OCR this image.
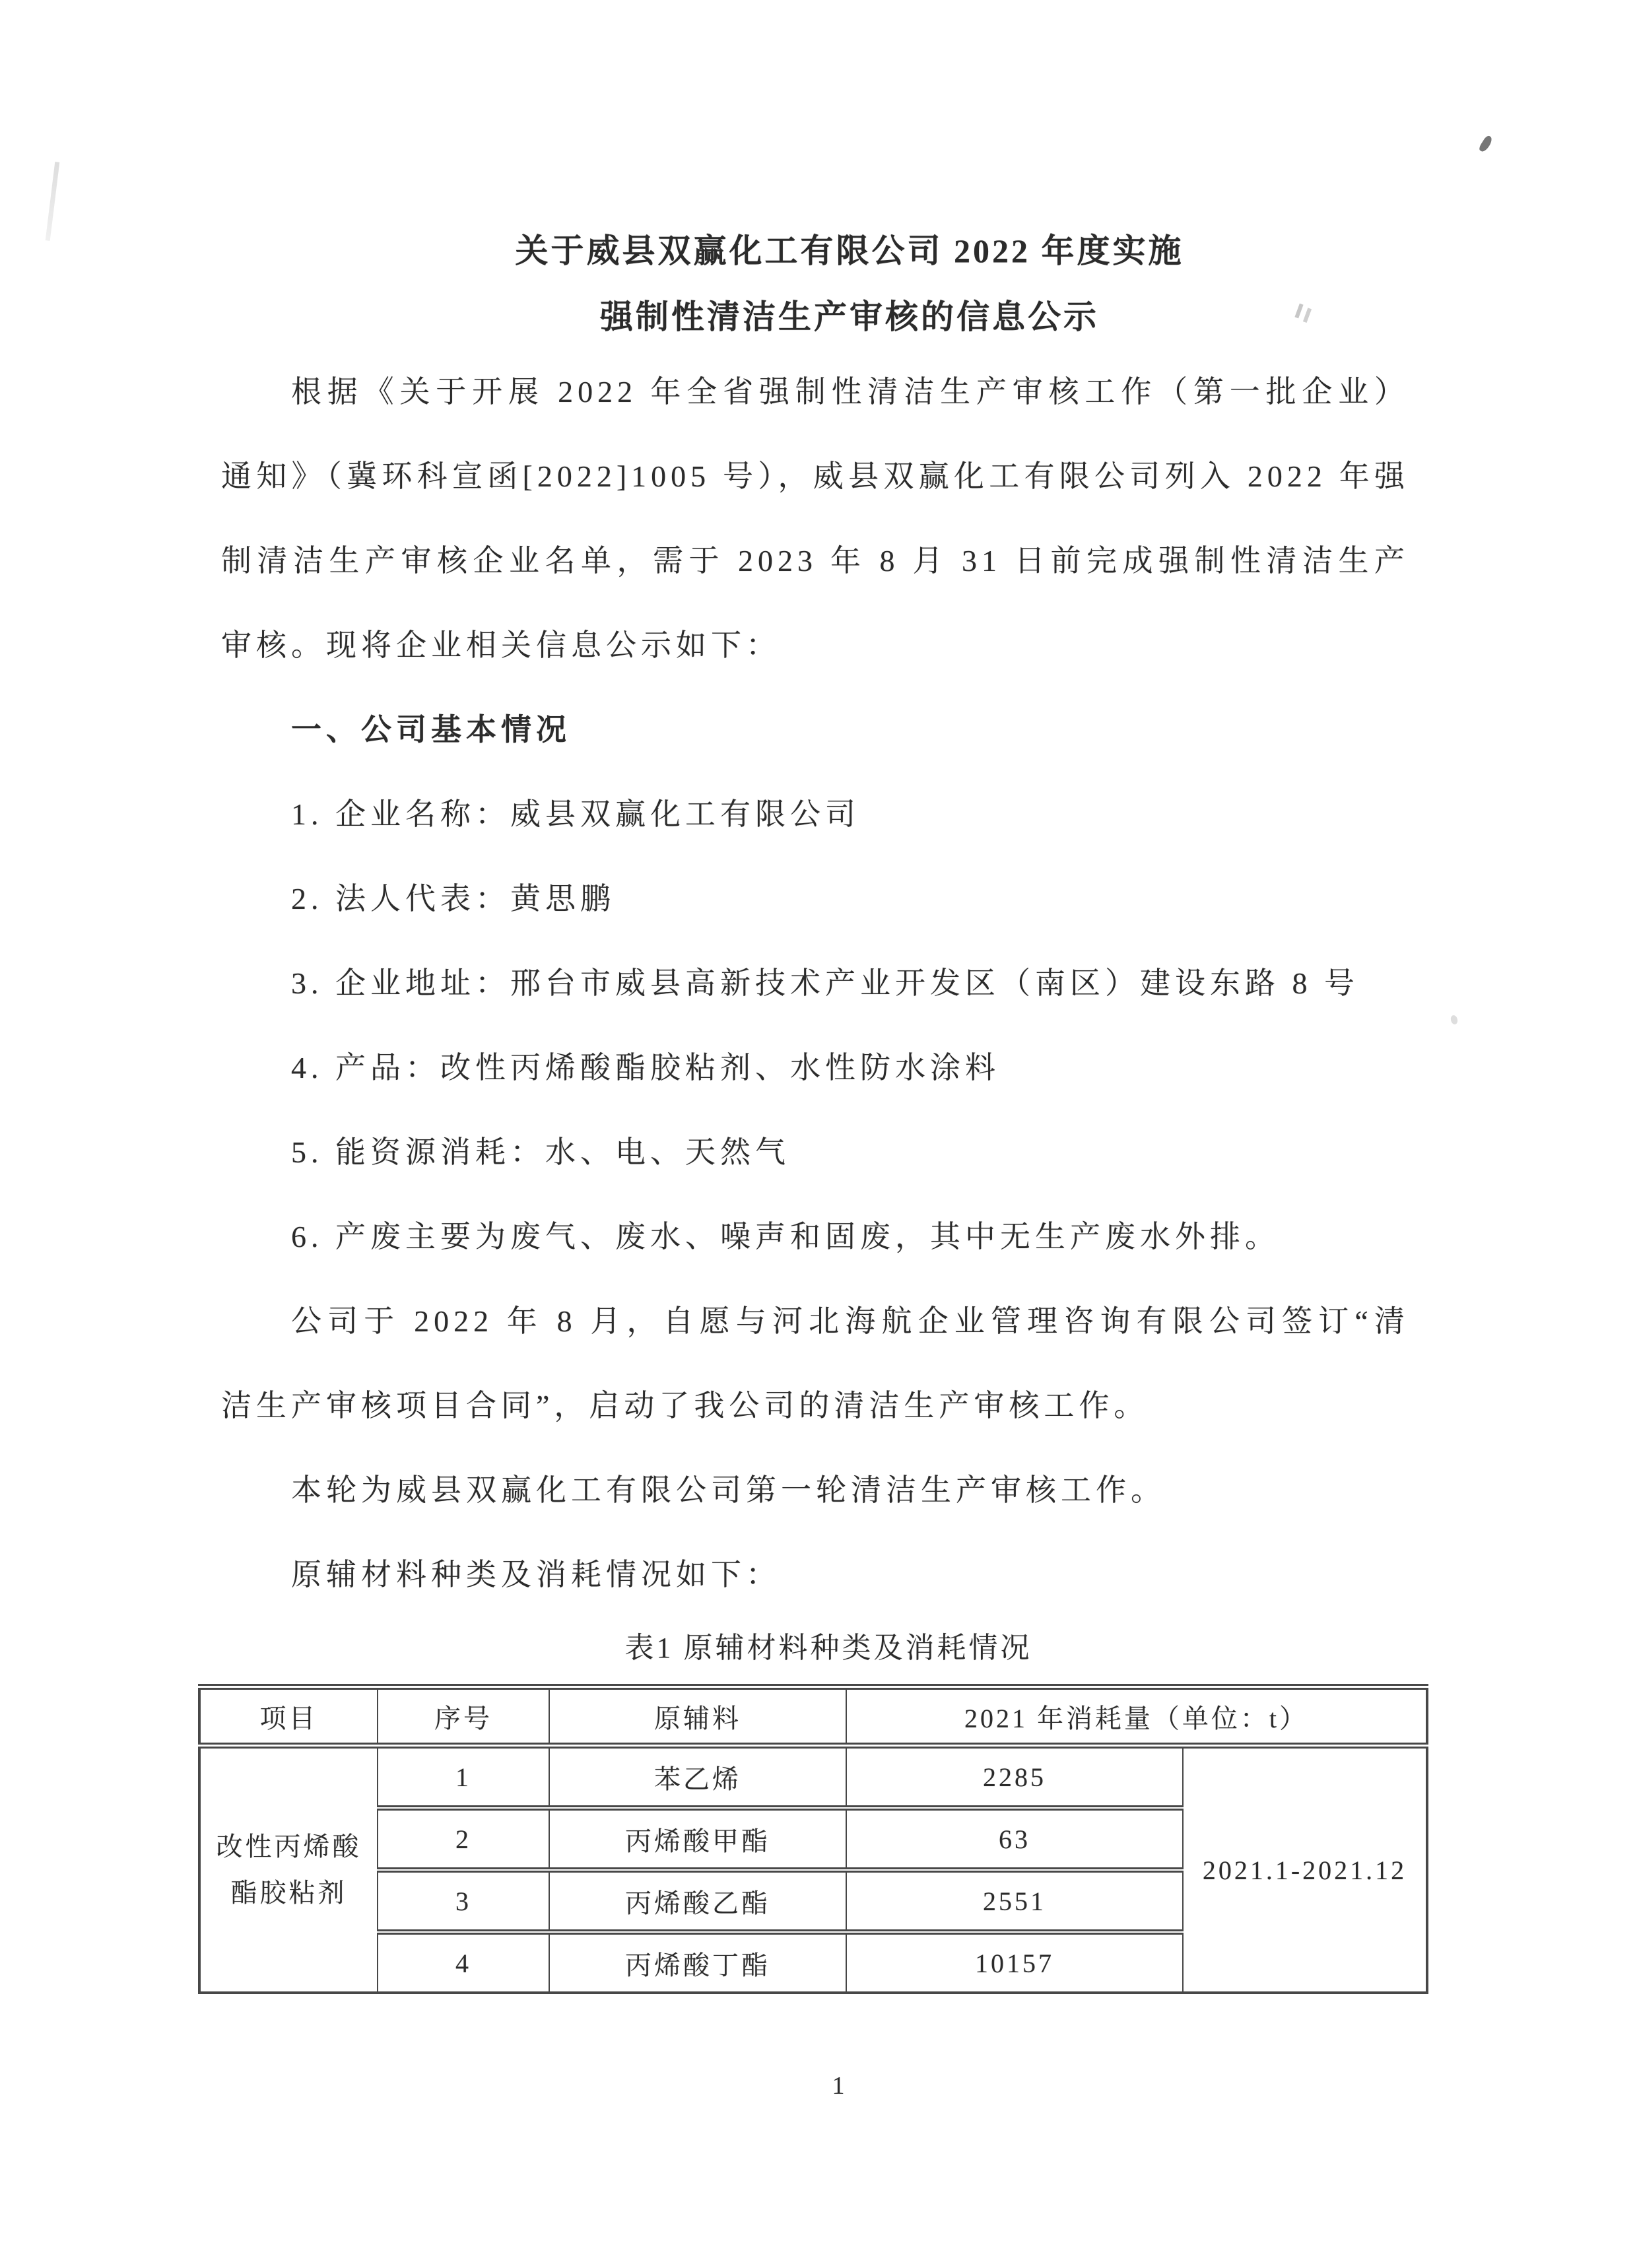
关于威县双赢化工有限公司 2022 年度实施
强制性清洁生产审核的信息公示
根据《关于开展 2022 年全省强制性清洁生产审核工作（第一批企业）
通知》（冀环科宣函[2022]1005 号），威县双赢化工有限公司列入 2022 年强
制清洁生产审核企业名单，需于 2023 年 8 月 31 日前完成强制性清洁生产
审核。现将企业相关信息公示如下：
一、公司基本情况
1. 企业名称：威县双赢化工有限公司
2. 法人代表：黄思鹏
3. 企业地址：邢台市威县高新技术产业开发区（南区）建设东路 8 号
4. 产品：改性丙烯酸酯胶粘剂、水性防水涂料
5. 能资源消耗：水、电、天然气
6. 产废主要为废气、废水、噪声和固废，其中无生产废水外排。
公司于 2022 年 8 月，自愿与河北海航企业管理咨询有限公司签订“清
洁生产审核项目合同”，启动了我公司的清洁生产审核工作。
本轮为威县双赢化工有限公司第一轮清洁生产审核工作。
原辅材料种类及消耗情况如下：
表1 原辅材料种类及消耗情况
项目	序号	原辅料	2021 年消耗量（单位：t）	
改性丙烯酸酯胶粘剂	1	苯乙烯	2285	2021.1-2021.12
	2	丙烯酸甲酯	63	
	3	丙烯酸乙酯	2551	
	4	丙烯酸丁酯	10157	
1
